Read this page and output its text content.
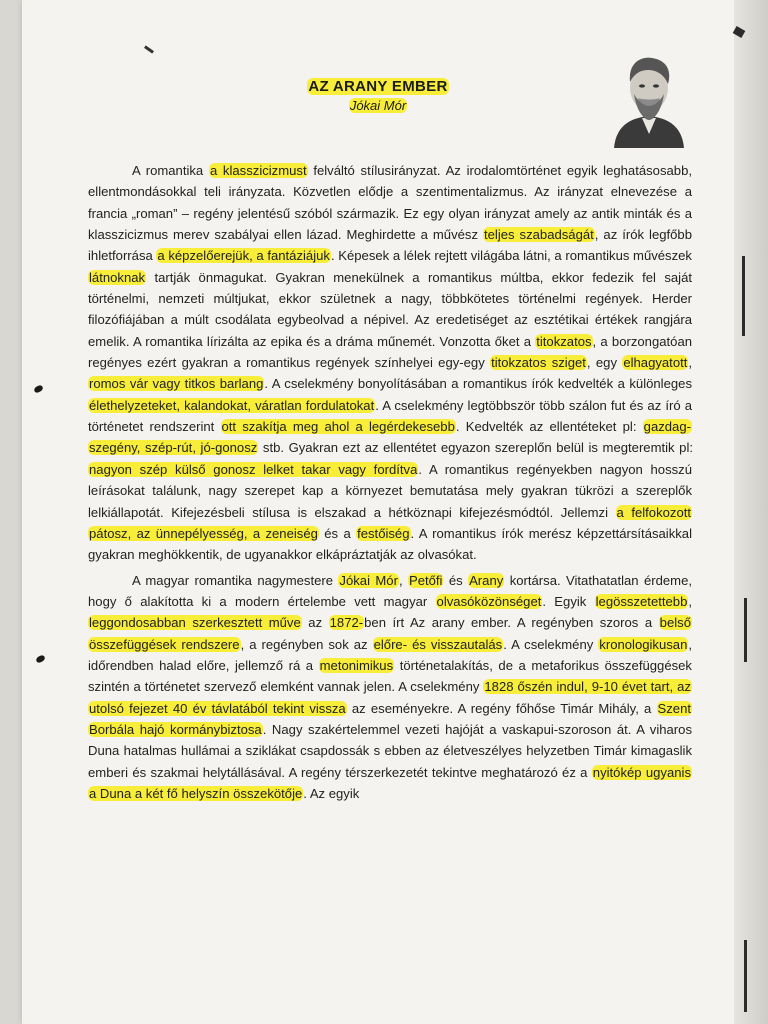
AZ ARANY EMBER
Jókai Mór

A romantika a klasszicizmust felváltó stílusirányzat. Az irodalomtörténet egyik leghatásosabb, ellentmondásokkal teli irányzata. Közvetlen elődje a szentimentalizmus. Az irányzat elnevezése a francia „roman” – regény jelentésű szóból származik. Ez egy olyan irányzat amely az antik minták és a klasszicizmus merev szabályai ellen lázad. Meghirdette a művész teljes szabadságát, az írók legfőbb ihletforrása a képzelőerejük, a fantáziájuk. Képesek a lélek rejtett világába látni, a romantikus művészek látnoknak tartják önmagukat. Gyakran menekülnek a romantikus múltba, ekkor fedezik fel saját történelmi, nemzeti múltjukat, ekkor születnek a nagy, többkötetes történelmi regények. Herder filozófiájában a múlt csodálata egybeolvad a népivel. Az eredetiséget az esztétikai értékek rangjára emelik. A romantika lírizálta az epika és a dráma műnemét. Vonzotta őket a titokzatos, a borzongatóan regényes ezért gyakran a romantikus regények színhelyei egy-egy titokzatos sziget, egy elhagyatott, romos vár vagy titkos barlang. A cselekmény bonyolításában a romantikus írók kedvelték a különleges élethelyzeteket, kalandokat, váratlan fordulatokat. A cselekmény legtöbbször több szálon fut és az író a történetet rendszerint ott szakítja meg ahol a legérdekesebb. Kedvelték az ellentéteket pl: gazdag-szegény, szép-rút, jó-gonosz stb. Gyakran ezt az ellentétet egyazon szereplőn belül is megteremtik pl: nagyon szép külső gonosz lelket takar vagy fordítva. A romantikus regényekben nagyon hosszú leírásokat találunk, nagy szerepet kap a környezet bemutatása mely gyakran tükrözi a szereplők lelkiállapotát. Kifejezésbeli stílusa is elszakad a hétköznapi kifejezésmódtól. Jellemzi a felfokozott pátosz, az ünnepélyesség, a zeneiség és a festőiség. A romantikus írók merész képzettársításaikkal gyakran meghökkentik, de ugyanakkor elkápráztatják az olvasókat.

A magyar romantika nagymestere Jókai Mór, Petőfi és Arany kortársa. Vitathatatlan érdeme, hogy ő alakította ki a modern értelembe vett magyar olvasóközönséget. Egyik legösszetettebb, leggondosabban szerkesztett műve az 1872-ben írt Az arany ember. A regényben szoros a belső összefüggések rendszere, a regényben sok az előre- és visszautalás. A cselekmény kronologikusan, időrendben halad előre, jellemző rá a metonimikus történetalakítás, de a metaforikus összefüggések szintén a történetet szervező elemként vannak jelen. A cselekmény 1828 őszén indul, 9-10 évet tart, az utolsó fejezet 40 év távlatából tekint vissza az eseményekre. A regény főhőse Timár Mihály, a Szent Borbála hajó kormánybiztosa. Nagy szakértelemmel vezeti hajóját a vaskapui-szoroson át. A viharos Duna hatalmas hullámai a sziklákat csapdossák s ebben az életveszélyes helyzetben Timár kimagaslik emberi és szakmai helytállásával. A regény térszerkezetét tekintve meghatározó éz a nyitókép ugyanis a Duna a két fő helyszín összekötője. Az egyik
